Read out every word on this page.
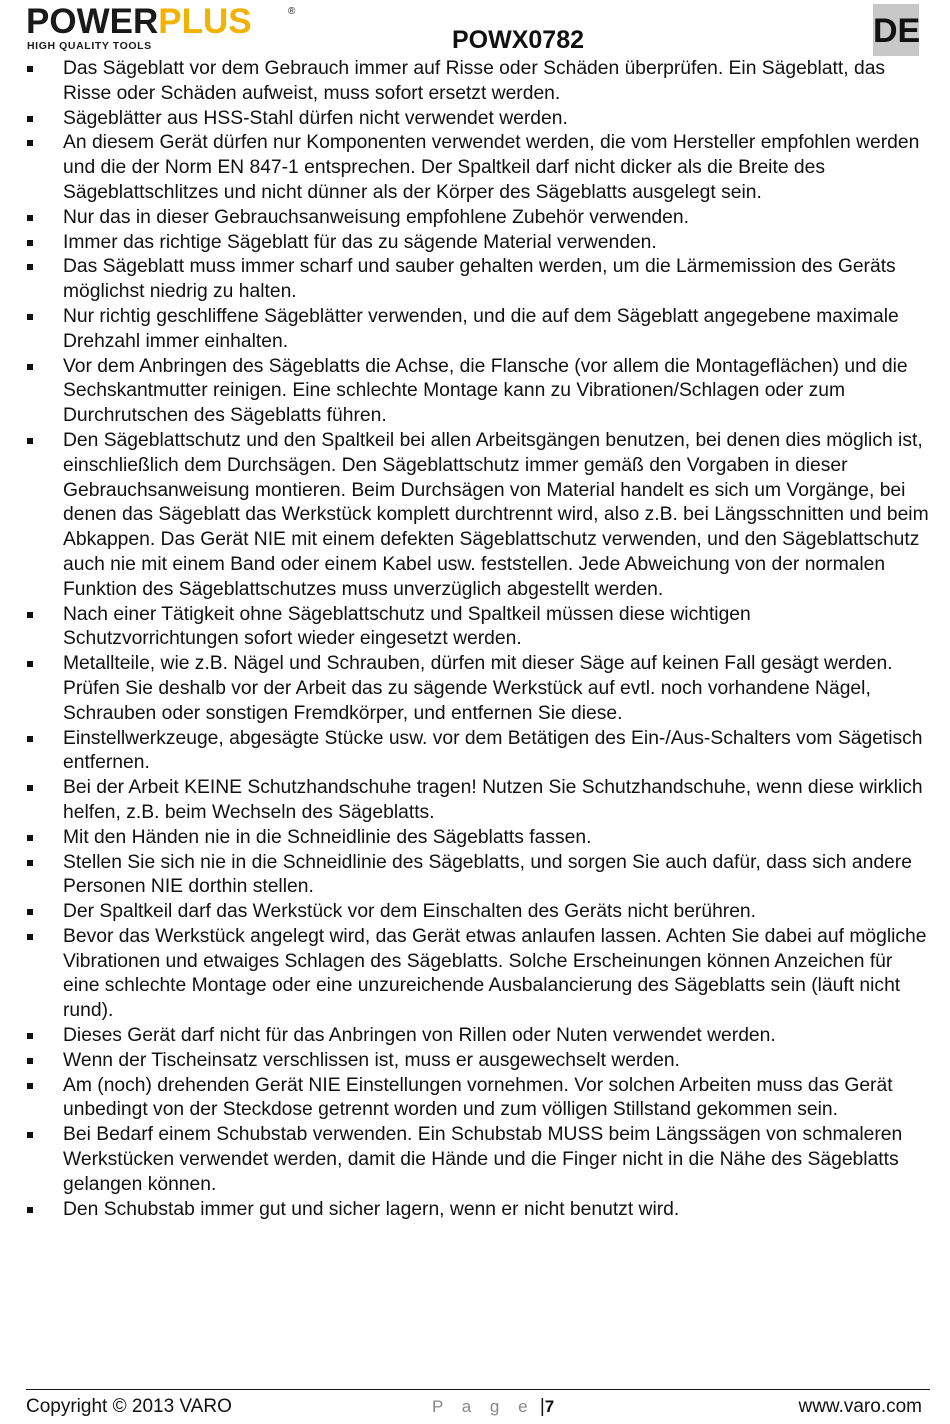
POWERPLUS	®
HIGH QUALITY TOOLS	POWX0782	DE
Das Sägeblatt vor dem Gebrauch immer auf Risse oder Schäden überprüfen. Ein Sägeblatt, das Risse oder Schäden aufweist, muss sofort ersetzt werden.
Sägeblätter aus HSS-Stahl dürfen nicht verwendet werden.
An diesem Gerät dürfen nur Komponenten verwendet werden, die vom Hersteller empfohlen werden und die der Norm EN 847-1 entsprechen. Der Spaltkeil darf nicht dicker als die Breite des Sägeblattschlitzes und nicht dünner als der Körper des Sägeblatts ausgelegt sein.
Nur das in dieser Gebrauchsanweisung empfohlene Zubehör verwenden.
Immer das richtige Sägeblatt für das zu sägende Material verwenden.
Das Sägeblatt muss immer scharf und sauber gehalten werden, um die Lärmemission des Geräts möglichst niedrig zu halten.
Nur richtig geschliffene Sägeblätter verwenden, und die auf dem Sägeblatt angegebene maximale Drehzahl immer einhalten.
Vor dem Anbringen des Sägeblatts die Achse, die Flansche (vor allem die Montageflächen) und die Sechskantmutter reinigen. Eine schlechte Montage kann zu Vibrationen/Schlagen oder zum Durchrutschen des Sägeblatts führen.
Den Sägeblattschutz und den Spaltkeil bei allen Arbeitsgängen benutzen, bei denen dies möglich ist, einschließlich dem Durchsägen. Den Sägeblattschutz immer gemäß den Vorgaben in dieser Gebrauchsanweisung montieren. Beim Durchsägen von Material handelt es sich um Vorgänge, bei denen das Sägeblatt das Werkstück komplett durchtrennt wird, also z.B. bei Längsschnitten und beim Abkappen. Das Gerät NIE mit einem defekten Sägeblattschutz verwenden, und den Sägeblattschutz auch nie mit einem Band oder einem Kabel usw. feststellen. Jede Abweichung von der normalen Funktion des Sägeblattschutzes muss unverzüglich abgestellt werden.
Nach einer Tätigkeit ohne Sägeblattschutz und Spaltkeil müssen diese wichtigen Schutzvorrichtungen sofort wieder eingesetzt werden.
Metallteile, wie z.B. Nägel und Schrauben, dürfen mit dieser Säge auf keinen Fall gesägt werden. Prüfen Sie deshalb vor der Arbeit das zu sägende Werkstück auf evtl. noch vorhandene Nägel, Schrauben oder sonstigen Fremdkörper, und entfernen Sie diese.
Einstellwerkzeuge, abgesägte Stücke usw. vor dem Betätigen des Ein-/Aus-Schalters vom Sägetisch entfernen.
Bei der Arbeit KEINE Schutzhandschuhe tragen! Nutzen Sie Schutzhandschuhe, wenn diese wirklich helfen, z.B. beim Wechseln des Sägeblatts.
Mit den Händen nie in die Schneidlinie des Sägeblatts fassen.
Stellen Sie sich nie in die Schneidlinie des Sägeblatts, und sorgen Sie auch dafür, dass sich andere Personen NIE dorthin stellen.
Der Spaltkeil darf das Werkstück vor dem Einschalten des Geräts nicht berühren.
Bevor das Werkstück angelegt wird, das Gerät etwas anlaufen lassen. Achten Sie dabei auf mögliche Vibrationen und etwaiges Schlagen des Sägeblatts. Solche Erscheinungen können Anzeichen für eine schlechte Montage oder eine unzureichende Ausbalancierung des Sägeblatts sein (läuft nicht rund).
Dieses Gerät darf nicht für das Anbringen von Rillen oder Nuten verwendet werden.
Wenn der Tischeinsatz verschlissen ist, muss er ausgewechselt werden.
Am (noch) drehenden Gerät NIE Einstellungen vornehmen. Vor solchen Arbeiten muss das Gerät unbedingt von der Steckdose getrennt worden und zum völligen Stillstand gekommen sein.
Bei Bedarf einem Schubstab verwenden. Ein Schubstab MUSS beim Längssägen von schmaleren Werkstücken verwendet werden, damit die Hände und die Finger nicht in die Nähe des Sägeblatts gelangen können.
Den Schubstab immer gut und sicher lagern, wenn er nicht benutzt wird.
Copyright © 2013 VARO	P a g e |7	www.varo.com
